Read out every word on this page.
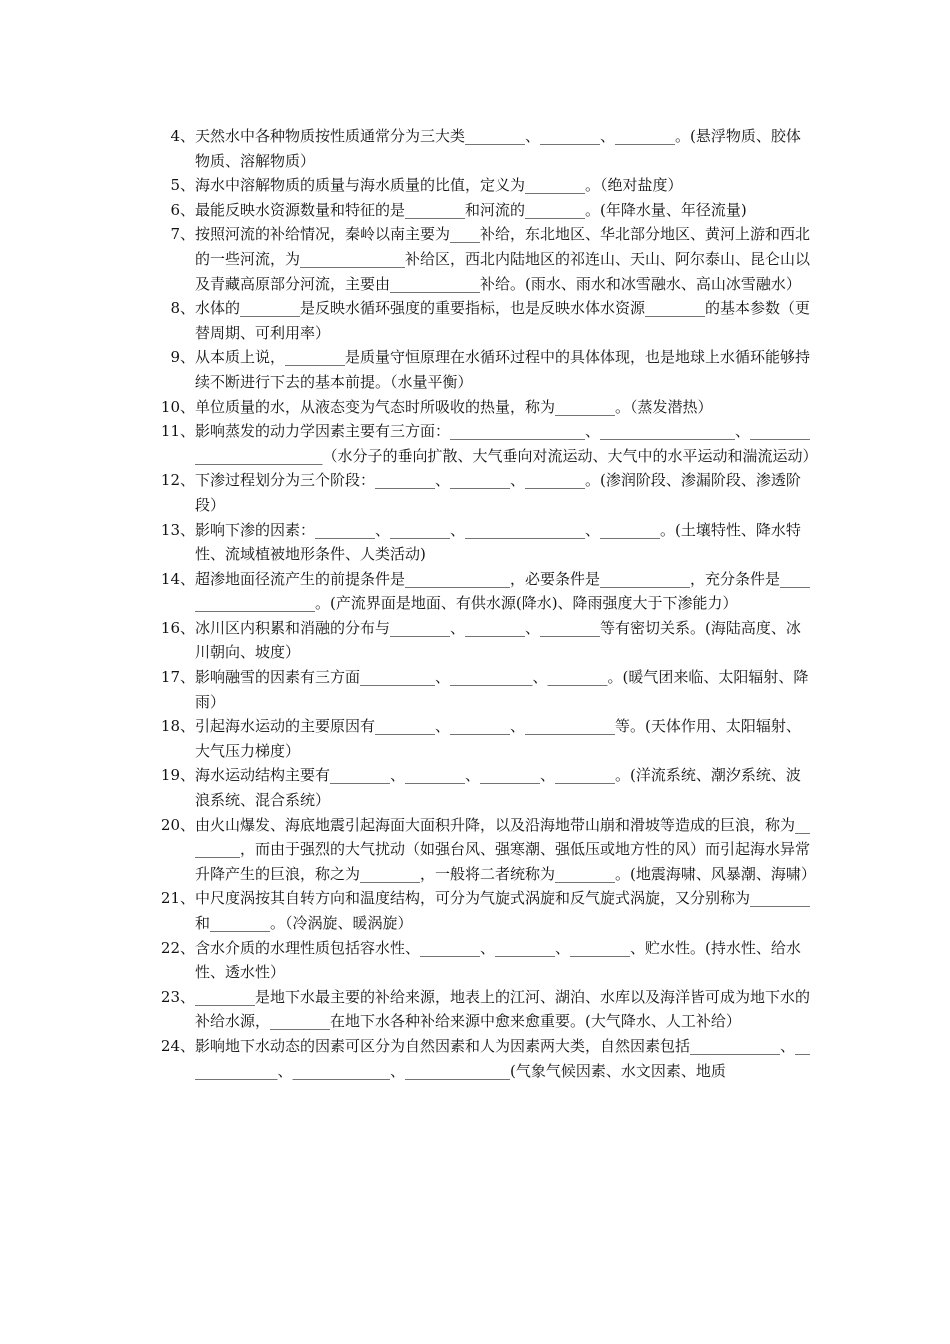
4、 天然水中各种物质按性质通常分为三大类________、________、________。(悬浮物质、胶体物质、溶解物质）
5、 海水中溶解物质的质量与海水质量的比值，定义为________。（绝对盐度）
6、 最能反映水资源数量和特征的是________和河流的________。(年降水量、年径流量)
7、 按照河流的补给情况，秦岭以南主要为____补给，东北地区、华北部分地区、黄河上游和西北的一些河流，为______________补给区，西北内陆地区的祁连山、天山、阿尔泰山、昆仑山以及青藏高原部分河流，主要由____________补给。(雨水、雨水和冰雪融水、高山冰雪融水）
8、 水体的________是反映水循环强度的重要指标，也是反映水体水资源________的基本参数（更替周期、可利用率）
9、 从本质上说，________是质量守恒原理在水循环过程中的具体体现，也是地球上水循环能够持续不断进行下去的基本前提。（水量平衡）
10、 单位质量的水，从液态变为气态时所吸收的热量，称为________。（蒸发潜热）
11、 影响蒸发的动力学因素主要有三方面：__________________、__________________、_________________________（水分子的垂向扩散、大气垂向对流运动、大气中的水平运动和湍流运动）
12、 下渗过程划分为三个阶段：________、________、________。(渗润阶段、渗漏阶段、渗透阶段）
13、 影响下渗的因素：________、________、________________、________。(土壤特性、降水特性、流域植被地形条件、人类活动)
14、 超渗地面径流产生的前提条件是______________，必要条件是____________，充分条件是____________________。(产流界面是地面、有供水源(降水)、降雨强度大于下渗能力）
16、 冰川区内积累和消融的分布与________、________、________等有密切关系。(海陆高度、冰川朝向、坡度）
17、 影响融雪的因素有三方面__________、___________、________。(暖气团来临、太阳辐射、降雨）
18、 引起海水运动的主要原因有________、________、____________等。(天体作用、太阳辐射、大气压力梯度）
19、 海水运动结构主要有________、________、________、________。(洋流系统、潮汐系统、波浪系统、混合系统）
20、 由火山爆发、海底地震引起海面大面积升降，以及沿海地带山崩和滑坡等造成的巨浪，称为________，而由于强烈的大气扰动（如强台风、强寒潮、强低压或地方性的风）而引起海水异常升降产生的巨浪，称之为________，一般将二者统称为________。(地震海啸、风暴潮、海啸）
21、 中尺度涡按其自转方向和温度结构，可分为气旋式涡旋和反气旋式涡旋，又分别称为________和________。（冷涡旋、暖涡旋）
22、 含水介质的水理性质包括容水性、________、________、________、贮水性。(持水性、给水性、透水性）
23、 ________是地下水最主要的补给来源，地表上的江河、湖泊、水库以及海洋皆可成为地下水的补给水源，________在地下水各种补给来源中愈来愈重要。(大气降水、人工补给）
24、 影响地下水动态的因素可区分为自然因素和人为因素两大类，自然因素包括____________、_____________、_____________、______________(气象气候因素、水文因素、地质
